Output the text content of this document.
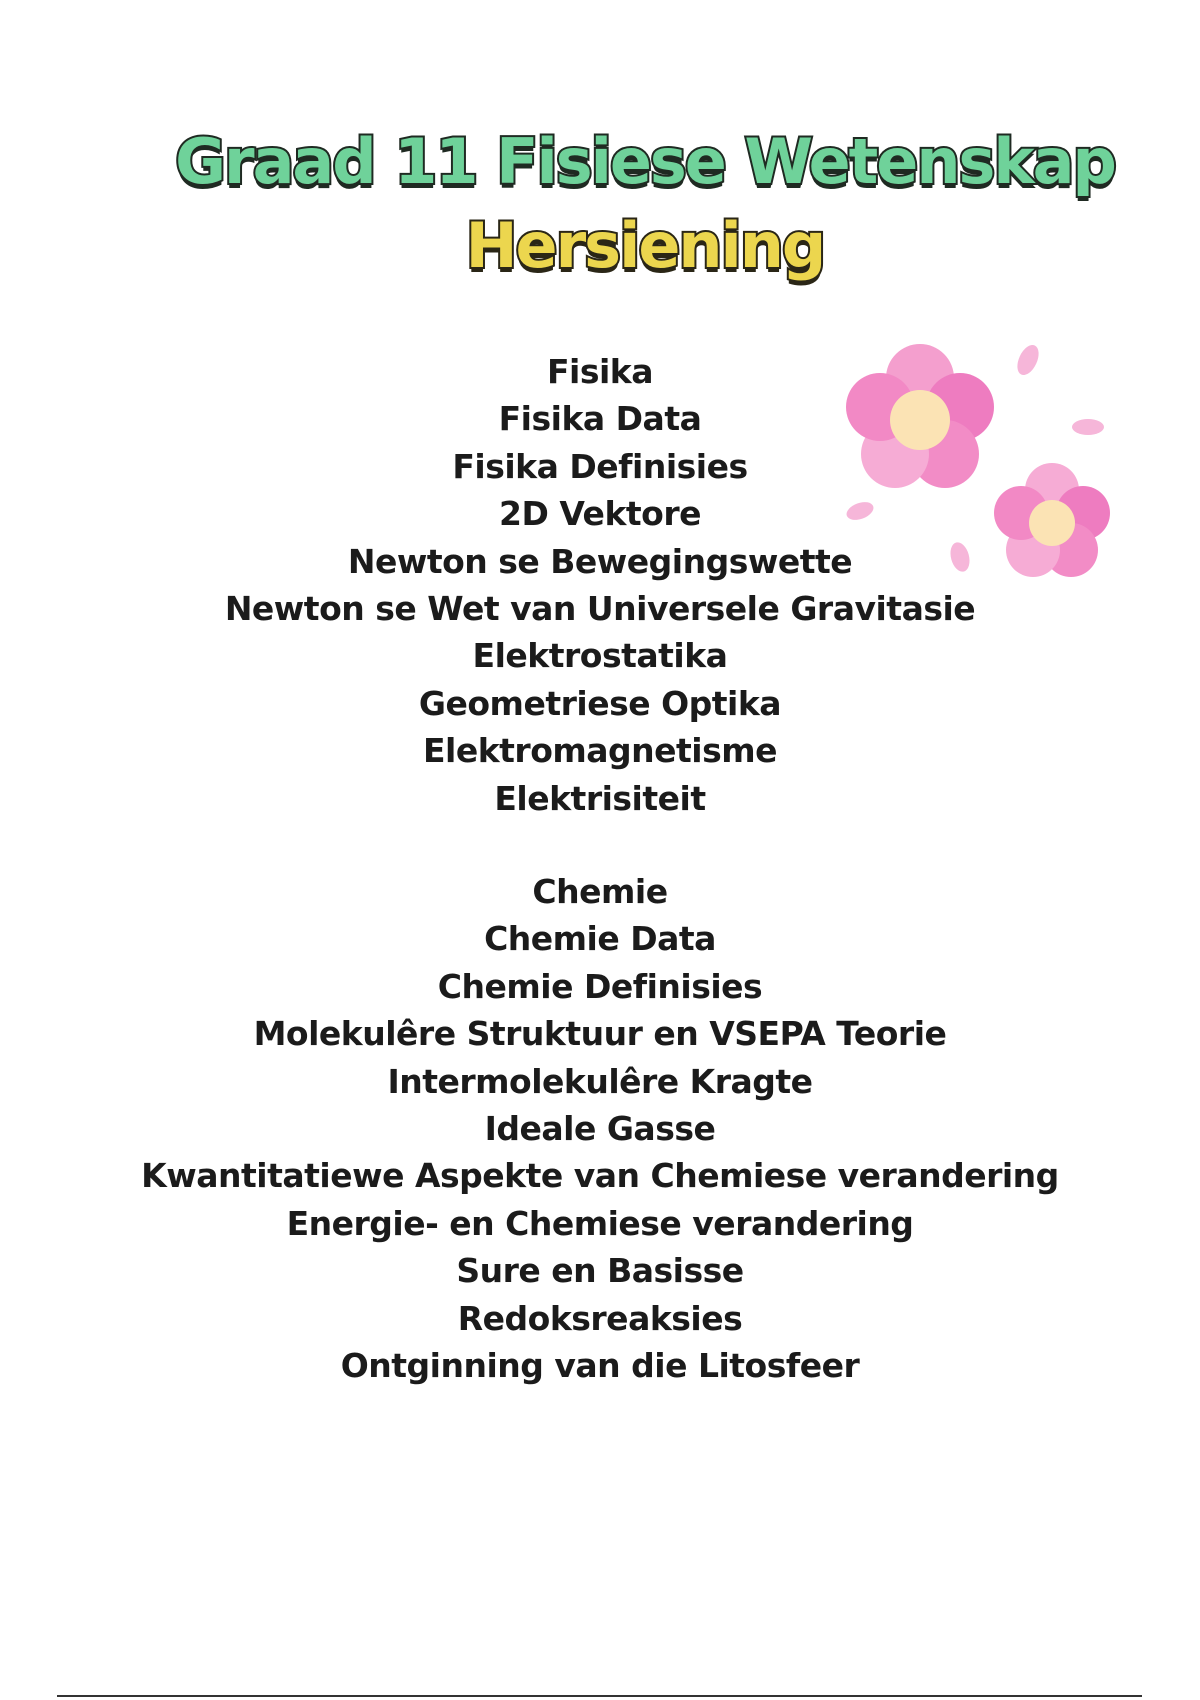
Graad 11 Fisiese Wetenskap
Hersiening
Fisika
Fisika Data
Fisika Definisies
2D Vektore
Newton se Bewegingswette
Newton se Wet van Universele Gravitasie
Elektrostatika
Geometriese Optika
Elektromagnetisme
Elektrisiteit
Chemie
Chemie Data
Chemie Definisies
Molekulêre Struktuur en VSEPA Teorie
Intermolekulêre Kragte
Ideale Gasse
Kwantitatiewe Aspekte van Chemiese verandering
Energie- en Chemiese verandering
Sure en Basisse
Redoksreaksies
Ontginning van die Litosfeer
